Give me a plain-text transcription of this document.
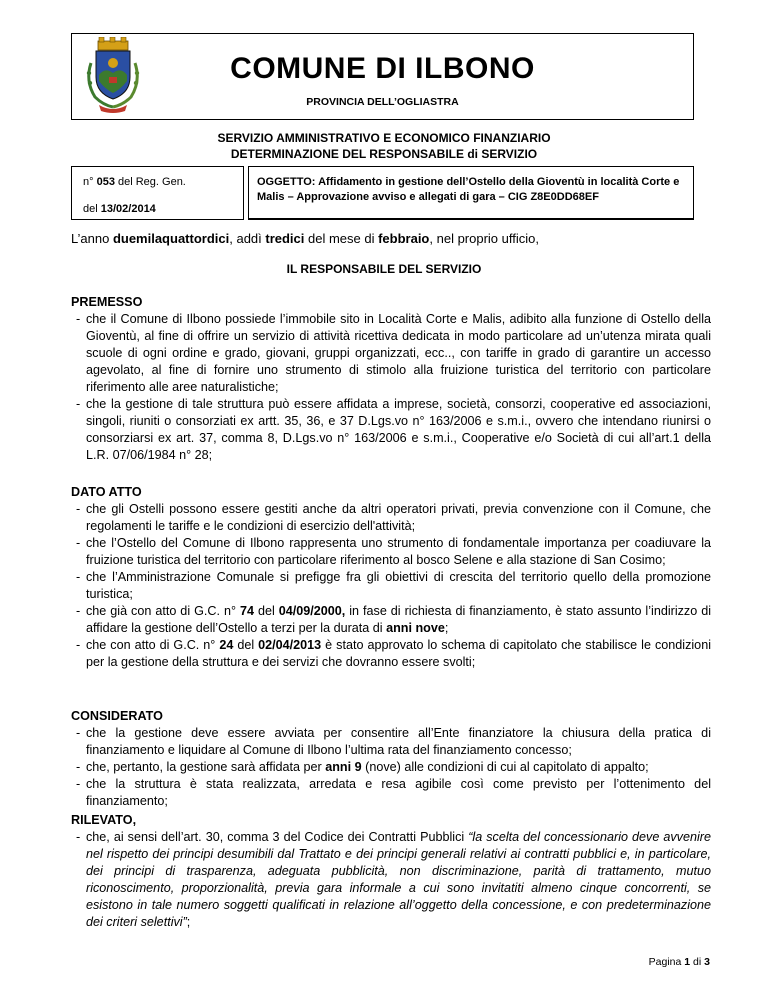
COMUNE DI ILBONO
PROVINCIA DELL’OGLIASTRA
SERVIZIO AMMINISTRATIVO E ECONOMICO FINANZIARIO
DETERMINAZIONE DEL RESPONSABILE di SERVIZIO
n° 053 del Reg. Gen.
del 13/02/2014
OGGETTO: Affidamento in gestione dell’Ostello della Gioventù in località Corte e Malis – Approvazione avviso e allegati di gara – CIG Z8E0DD68EF
L’anno duemilaquattordici, addì tredici del mese di febbraio, nel proprio ufficio,
IL RESPONSABILE DEL SERVIZIO
PREMESSO
- che il Comune di Ilbono possiede l’immobile sito in Località Corte e Malis, adibito alla funzione di Ostello della Gioventù, al fine di offrire un servizio di attività ricettiva dedicata in modo particolare ad un’utenza mirata quali scuole di ogni ordine e grado, giovani, gruppi organizzati, ecc.., con tariffe in grado di garantire un accesso agevolato, al fine di fornire uno strumento di stimolo alla fruizione turistica del territorio con particolare riferimento alle aree naturalistiche;
- che la gestione di tale struttura può essere affidata a imprese, società, consorzi, cooperative ed associazioni, singoli, riuniti o consorziati ex artt. 35, 36, e 37 D.Lgs.vo n° 163/2006 e s.m.i., ovvero che intendano riunirsi o consorziarsi ex art. 37, comma 8, D.Lgs.vo n° 163/2006 e s.m.i., Cooperative e/o Società di cui all’art.1 della L.R. 07/06/1984 n° 28;
DATO ATTO
- che gli Ostelli possono essere gestiti anche da altri operatori privati, previa convenzione con il Comune, che regolamenti le tariffe e le condizioni di esercizio dell'attività;
- che l’Ostello del Comune di Ilbono rappresenta uno strumento di fondamentale importanza per coadiuvare la fruizione turistica del territorio con particolare riferimento al bosco Selene e alla stazione di San Cosimo;
- che l’Amministrazione Comunale si prefigge fra gli obiettivi di crescita del territorio quello della promozione turistica;
- che già con atto di G.C. n° 74 del 04/09/2000, in fase di richiesta di finanziamento, è stato assunto l’indirizzo di affidare la gestione dell’Ostello a terzi per la durata di anni nove;
- che con atto di G.C. n° 24 del 02/04/2013 è stato approvato lo schema di capitolato che stabilisce le condizioni per la gestione della struttura e dei servizi che dovranno essere svolti;
CONSIDERATO
- che la gestione deve essere avviata per consentire all’Ente finanziatore la chiusura della pratica di finanziamento e liquidare al Comune di Ilbono l’ultima rata del finanziamento concesso;
- che, pertanto, la gestione sarà affidata per anni 9 (nove) alle condizioni di cui al capitolato di appalto;
- che la struttura è stata realizzata, arredata e resa agibile così come previsto per l’ottenimento del finanziamento;
RILEVATO,
- che, ai sensi dell’art. 30, comma 3 del Codice dei Contratti Pubblici “la scelta del concessionario deve avvenire nel rispetto dei principi desumibili dal Trattato e dei principi generali relativi ai contratti pubblici e, in particolare, dei principi di trasparenza, adeguata pubblicità, non discriminazione, parità di trattamento, mutuo riconoscimento, proporzionalità, previa gara informale a cui sono invitatiti almeno cinque concorrenti, se esistono in tale numero soggetti qualificati in relazione all’oggetto della concessione, e con predeterminazione dei criteri selettivi”;
Pagina 1 di 3
